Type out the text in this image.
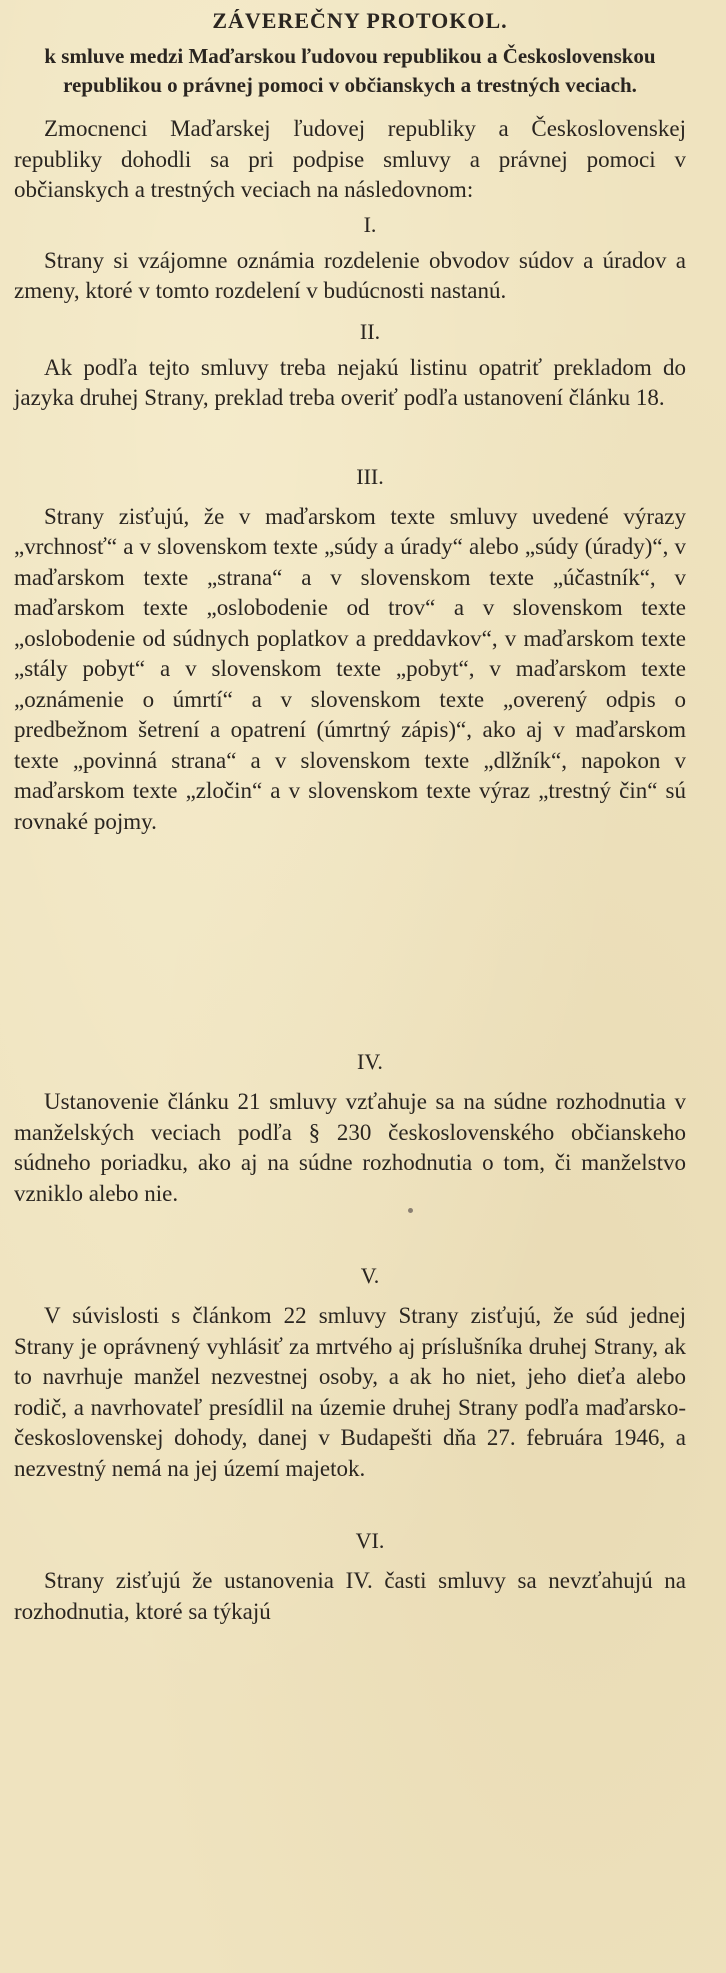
ZÁVEREČNY PROTOKOL.
k smluve medzi Maďarskou ľudovou republikou a Československou republikou o právnej pomoci v občianskych a trestných veciach.

Zmocnenci Maďarskej ľudovej republiky a Československej republiky dohodli sa pri podpise smluvy a právnej pomoci v občianskych a trestných veciach na následovnom:

I.

Strany si vzájomne oznámia rozdelenie obvodov súdov a úradov a zmeny, ktoré v tomto rozdelení v budúcnosti nastanú.

II.

Ak podľa tejto smluvy treba nejakú listinu opatriť prekladom do jazyka druhej Strany, preklad treba overiť podľa ustanovení článku 18.

III.

Strany zisťujú, že v maďarskom texte smluvy uvedené výrazy „vrchnosť“ a v slovenskom texte „súdy a úrady“ alebo „súdy (úrady)“, v maďarskom texte „strana“ a v slovenskom texte „účastník“, v maďarskom texte „oslobodenie od trov“ a v slovenskom texte „oslobodenie od súdnych poplatkov a preddavkov“, v maďarskom texte „stály pobyt“ a v slovenskom texte „pobyt“, v maďarskom texte „oznámenie o úmrtí“ a v slovenskom texte „overený odpis o predbežnom šetrení a opatrení (úmrtný zápis)“, ako aj v maďarskom texte „povinná strana“ a v slovenskom texte „dlžník“, napokon v maďarskom texte „zločin“ a v slovenskom texte výraz „trestný čin“ sú rovnaké pojmy.

IV.

Ustanovenie článku 21 smluvy vzťahuje sa na súdne rozhodnutia v manželských veciach podľa § 230 československého občianskeho súdneho poriadku, ako aj na súdne rozhodnutia o tom, či manželstvo vzniklo alebo nie.

V.

V súvislosti s článkom 22 smluvy Strany zisťujú, že súd jednej Strany je oprávnený vyhlásiť za mrtvého aj príslušníka druhej Strany, ak to navrhuje manžel nezvestnej osoby, a ak ho niet, jeho dieťa alebo rodič, a navrhovateľ presídlil na územie druhej Strany podľa maďarsko-československej dohody, danej v Budapešti dňa 27. februára 1946, a nezvestný nemá na jej území majetok.

VI.

Strany zisťujú že ustanovenia IV. časti smluvy sa nevzťahujú na rozhodnutia, ktoré sa týkajú
